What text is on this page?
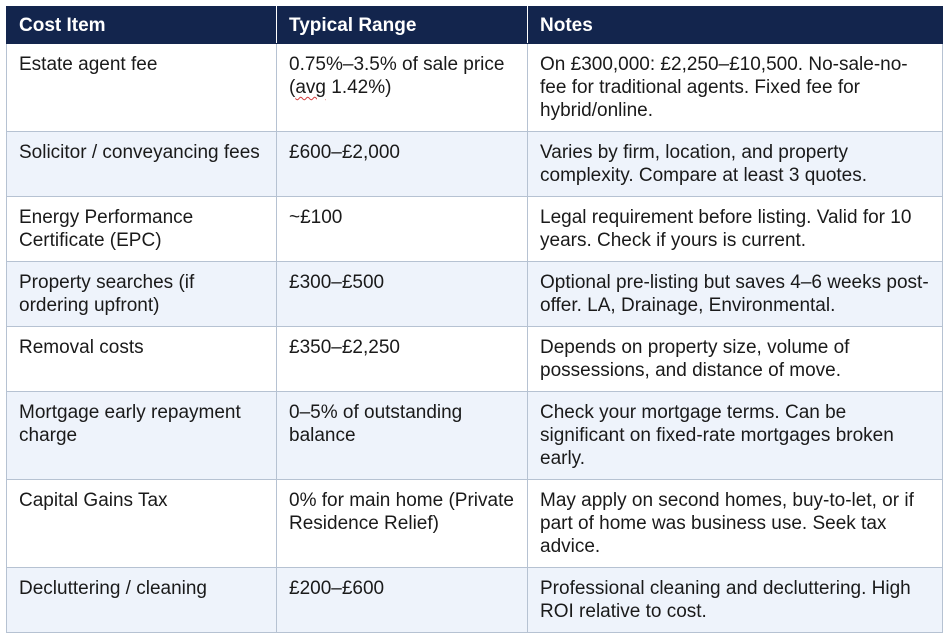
Cost Item	Typical Range	Notes
Estate agent fee	0.75%–3.5% of sale price (avg 1.42%)	On £300,000: £2,250–£10,500. No-sale-no-fee for traditional agents. Fixed fee for hybrid/online.
Solicitor / conveyancing fees	£600–£2,000	Varies by firm, location, and property complexity. Compare at least 3 quotes.
Energy Performance Certificate (EPC)	~£100	Legal requirement before listing. Valid for 10 years. Check if yours is current.
Property searches (if ordering upfront)	£300–£500	Optional pre-listing but saves 4–6 weeks post-offer. LA, Drainage, Environmental.
Removal costs	£350–£2,250	Depends on property size, volume of possessions, and distance of move.
Mortgage early repayment charge	0–5% of outstanding balance	Check your mortgage terms. Can be significant on fixed-rate mortgages broken early.
Capital Gains Tax	0% for main home (Private Residence Relief)	May apply on second homes, buy-to-let, or if part of home was business use. Seek tax advice.
Decluttering / cleaning	£200–£600	Professional cleaning and decluttering. High ROI relative to cost.
